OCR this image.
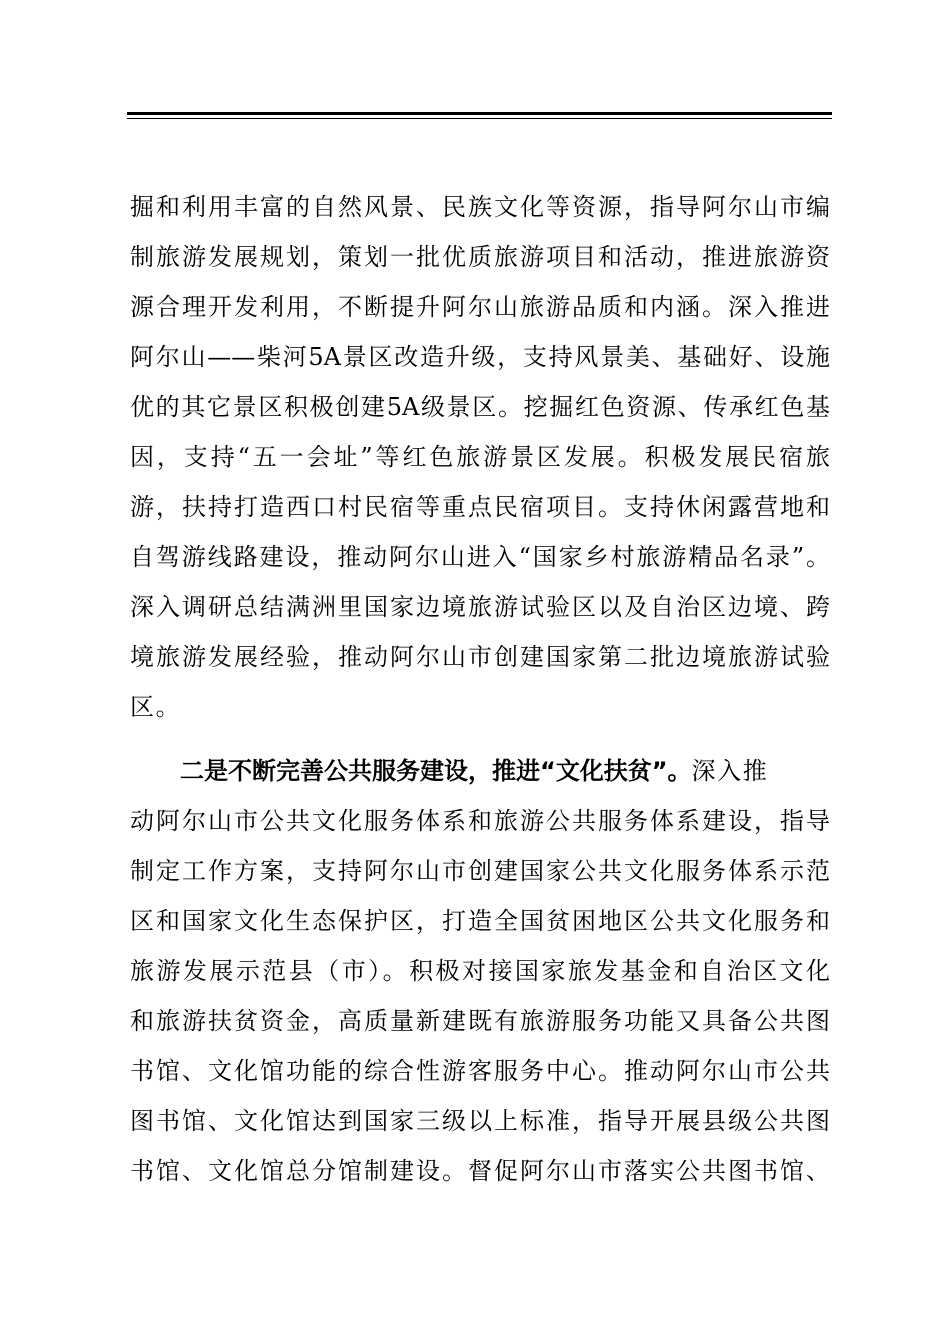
掘和利用丰富的自然风景、民族文化等资源，指导阿尔山市编
制旅游发展规划，策划一批优质旅游项目和活动，推进旅游资
源合理开发利用，不断提升阿尔山旅游品质和内涵。深入推进
阿尔山——柴河5A景区改造升级，支持风景美、基础好、设施
优的其它景区积极创建5A级景区。挖掘红色资源、传承红色基
因，支持“五一会址”等红色旅游景区发展。积极发展民宿旅
游，扶持打造西口村民宿等重点民宿项目。支持休闲露营地和
自驾游线路建设，推动阿尔山进入“国家乡村旅游精品名录”。
深入调研总结满洲里国家边境旅游试验区以及自治区边境、跨
境旅游发展经验，推动阿尔山市创建国家第二批边境旅游试验
区。
二是不断完善公共服务建设，推进“文化扶贫”。深入推
动阿尔山市公共文化服务体系和旅游公共服务体系建设，指导
制定工作方案，支持阿尔山市创建国家公共文化服务体系示范
区和国家文化生态保护区，打造全国贫困地区公共文化服务和
旅游发展示范县（市）。积极对接国家旅发基金和自治区文化
和旅游扶贫资金，高质量新建既有旅游服务功能又具备公共图
书馆、文化馆功能的综合性游客服务中心。推动阿尔山市公共
图书馆、文化馆达到国家三级以上标准，指导开展县级公共图
书馆、文化馆总分馆制建设。督促阿尔山市落实公共图书馆、
